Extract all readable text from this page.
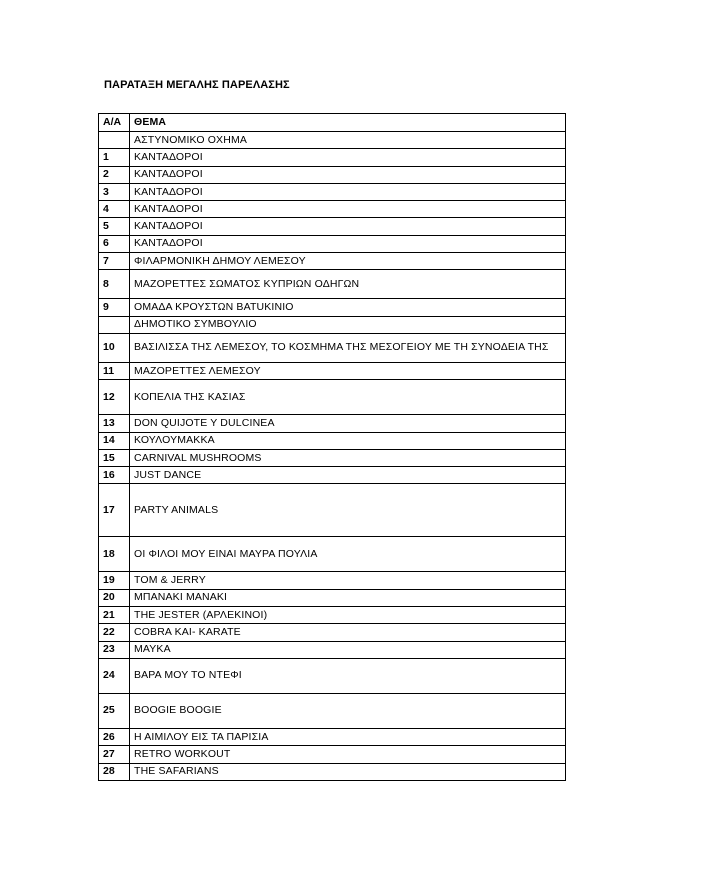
ΠΑΡΑΤΑΞΗ ΜΕΓΑΛΗΣ ΠΑΡΕΛΑΣΗΣ
Α/Α	ΘΕΜΑ
	ΑΣΤΥΝΟΜΙΚΟ ΟΧΗΜΑ
1	ΚΑΝΤΑΔΟΡΟΙ
2	ΚΑΝΤΑΔΟΡΟΙ
3	ΚΑΝΤΑΔΟΡΟΙ
4	ΚΑΝΤΑΔΟΡΟΙ
5	ΚΑΝΤΑΔΟΡΟΙ
6	ΚΑΝΤΑΔΟΡΟΙ
7	ΦΙΛΑΡΜΟΝΙΚΗ ΔΗΜΟΥ ΛΕΜΕΣΟΥ
8	ΜΑΖΟΡΕΤΤΕΣ ΣΩΜΑΤΟΣ ΚΥΠΡΙΩΝ ΟΔΗΓΩΝ
9	ΟΜΑΔΑ ΚΡΟΥΣΤΩΝ BATUKINIO
	ΔΗΜΟΤΙΚΟ ΣΥΜΒΟΥΛΙΟ
10	ΒΑΣΙΛΙΣΣΑ ΤΗΣ ΛΕΜΕΣΟΥ, ΤΟ ΚΟΣΜΗΜΑ ΤΗΣ ΜΕΣΟΓΕΙΟΥ ΜΕ ΤΗ ΣΥΝΟΔΕΙΑ ΤΗΣ
11	ΜΑΖΟΡΕΤΤΕΣ ΛΕΜΕΣΟΥ
12	ΚΟΠΕΛΙΑ ΤΗΣ ΚΑΣΙΑΣ
13	DON QUIJOTE Y DULCINEA
14	ΚΟΥΛΟΥΜΑΚΚΑ
15	CARNIVAL MUSHROOMS
16	JUST DANCE
17	PARTY ANIMALS
18	ΟΙ ΦΙΛΟΙ ΜΟΥ ΕΙΝΑΙ ΜΑΥΡΑ ΠΟΥΛΙΑ
19	TOM & JERRY
20	ΜΠΑΝΑΚΙ ΜΑΝΑΚΙ
21	THE JESTER (ΑΡΛΕΚΙΝΟΙ)
22	COBRA ΚΑΙ- KARATE
23	ΜΑΥΚΑ
24	ΒΑΡΑ ΜΟΥ ΤΟ ΝΤΕΦΙ
25	BOOGIE BOOGIE
26	Η ΑΙΜΙΛΟΥ ΕΙΣ ΤΑ ΠΑΡΙΣΙΑ
27	RETRO WORKOUT
28	THE SAFARIANS
